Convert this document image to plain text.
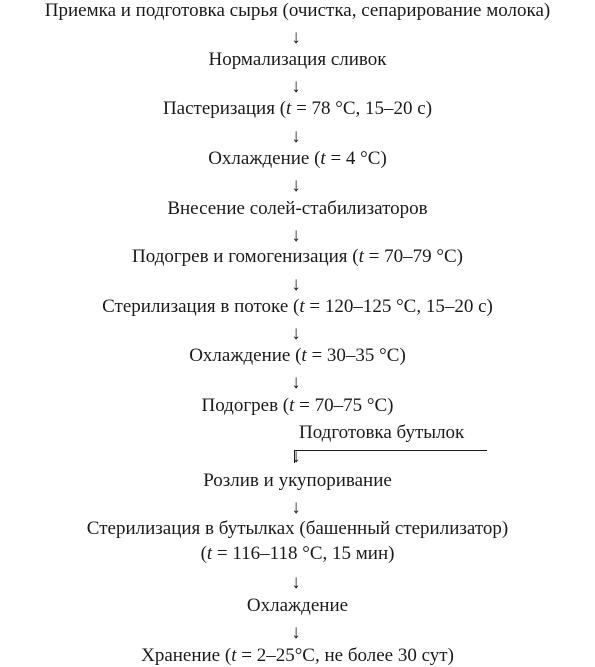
Приемка и подготовка сырья (очистка, сепарирование молока)
↓
Нормализация сливок
↓
Пастеризация (t = 78 °С, 15–20 с)
↓
Охлаждение (t = 4 °С)
↓
Внесение солей-стабилизаторов
↓
Подогрев и гомогенизация (t = 70–79 °С)
↓
Стерилизация в потоке (t = 120–125 °С, 15–20 с)
↓
Охлаждение (t = 30–35 °С)
↓
Подогрев (t = 70–75 °С)
Подготовка бутылок
↓
Розлив и укупоривание
↓
Стерилизация в бутылках (башенный стерилизатор)
(t = 116–118 °С, 15 мин)
↓
Охлаждение
↓
Хранение (t = 2–25°С, не более 30 сут)
